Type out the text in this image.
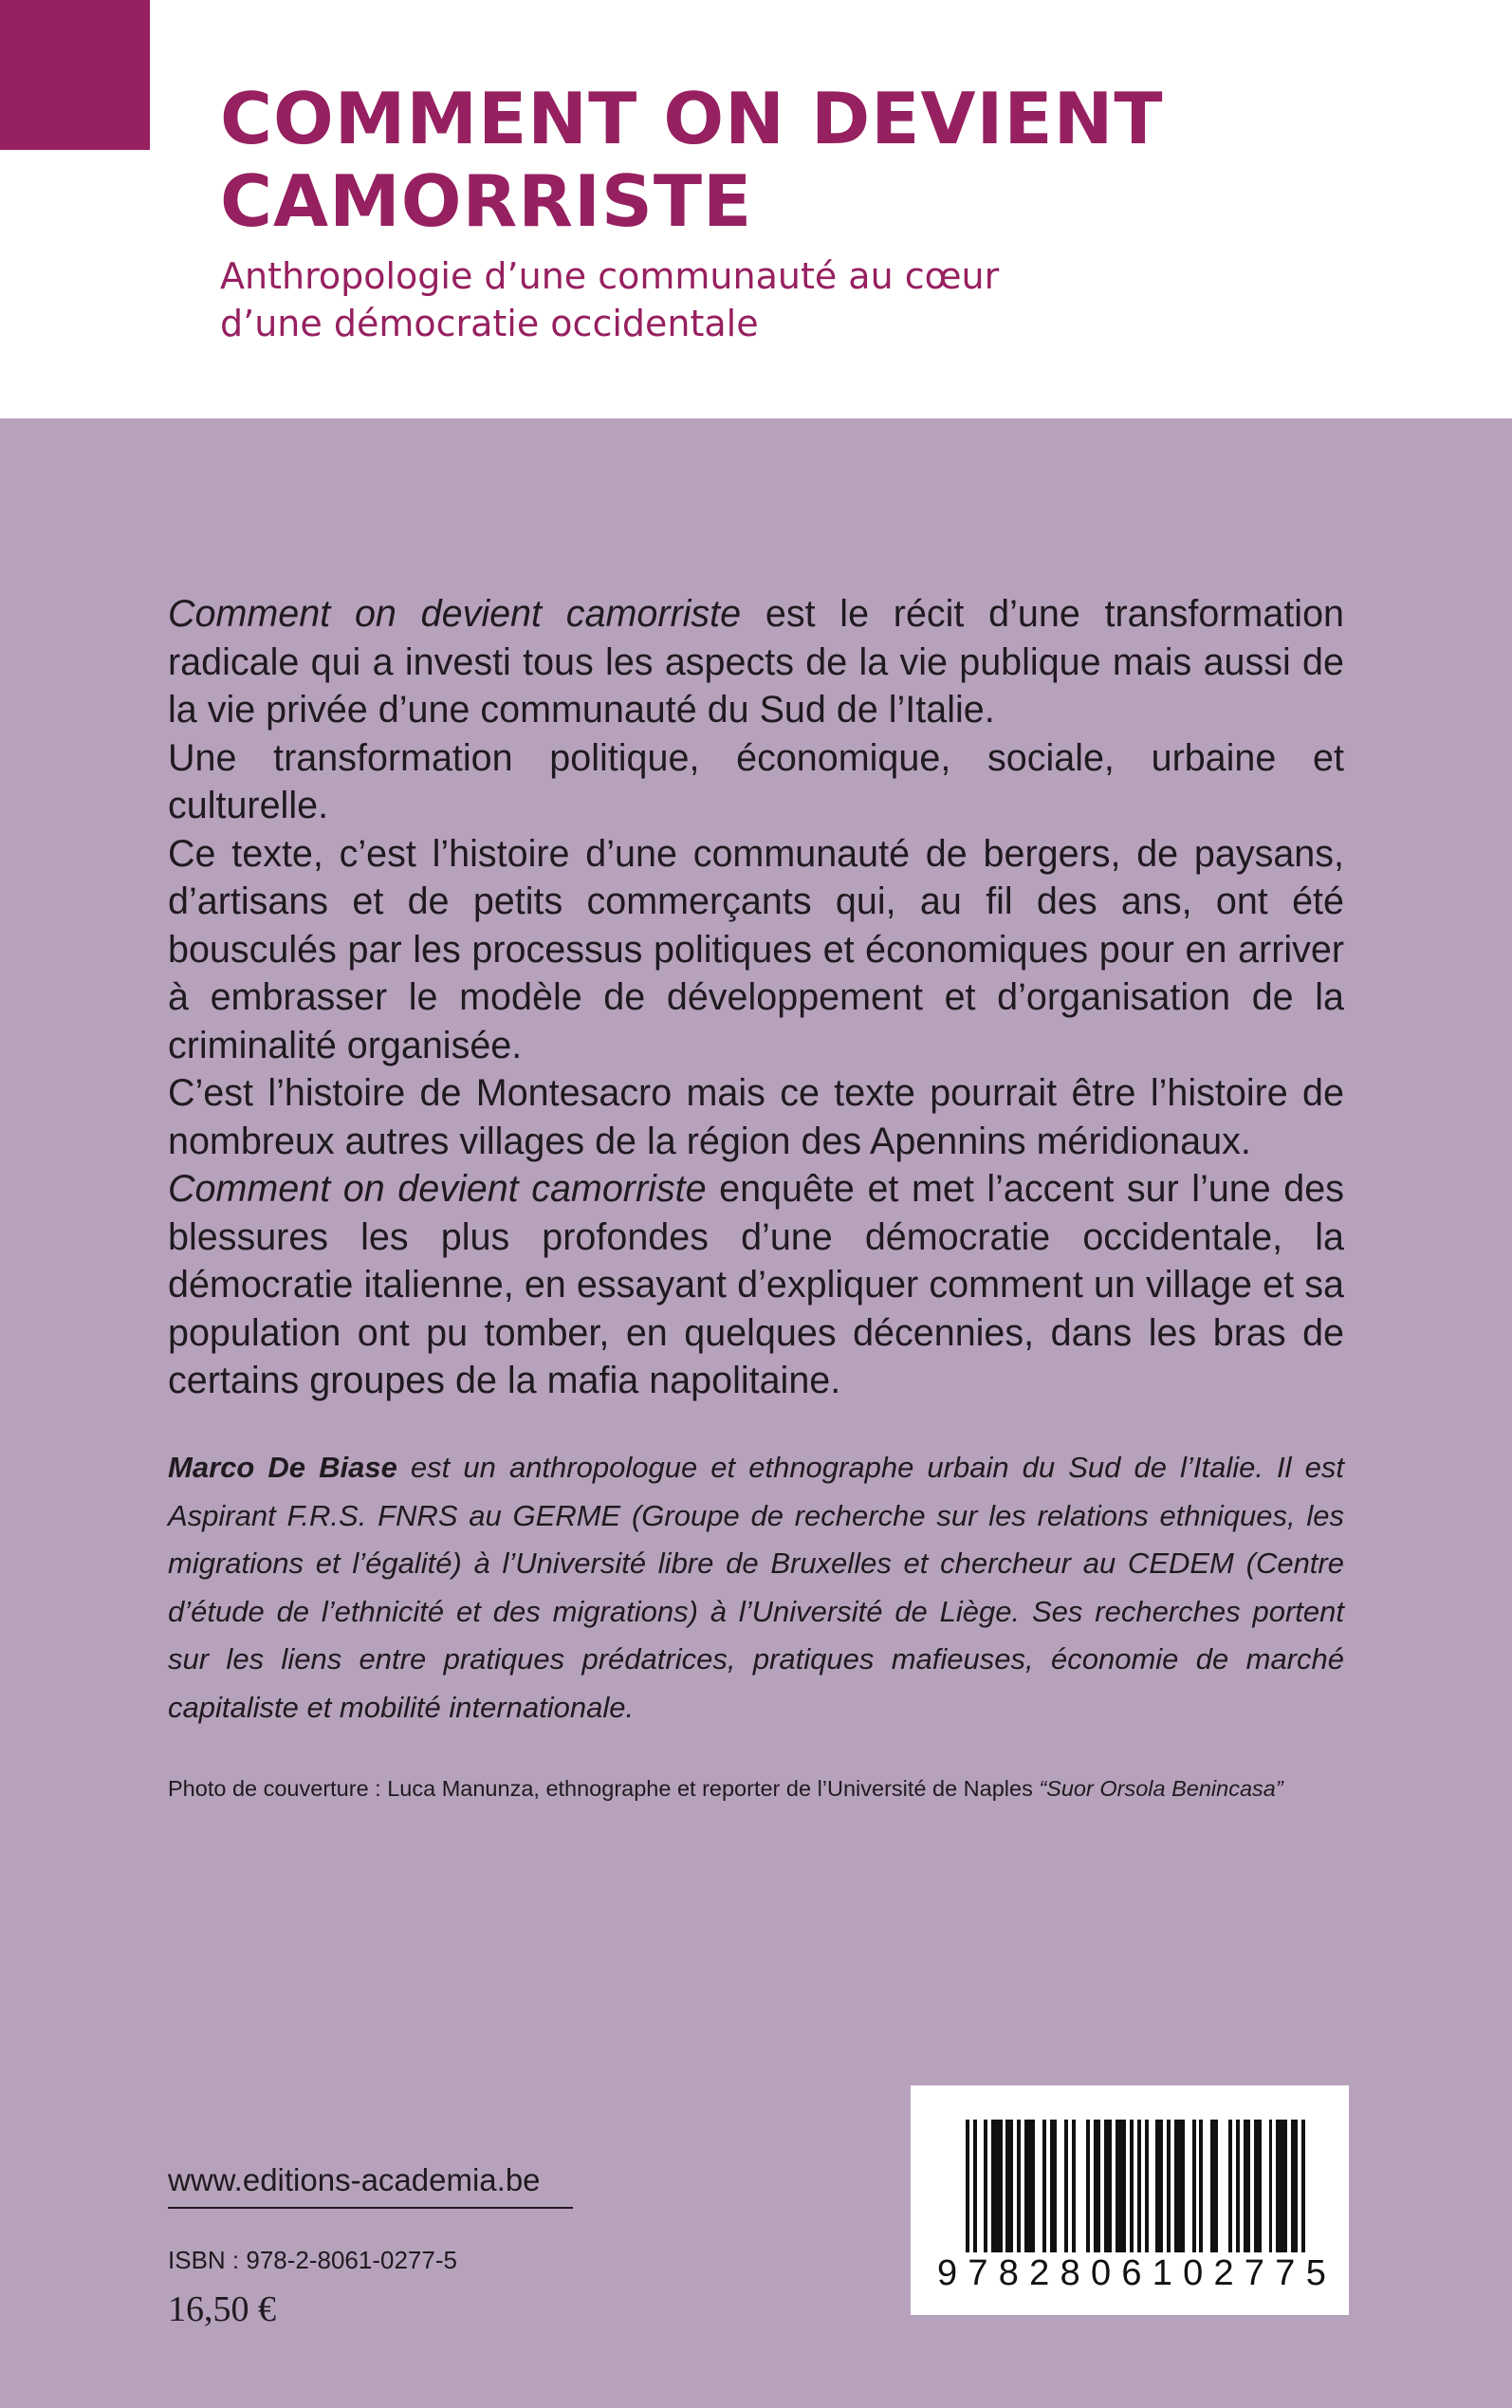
COMMENT ON DEVIENT
CAMORRISTE
Anthropologie d’une communauté au cœur
d’une démocratie occidentale

Comment on devient camorriste est le récit d’une transformation radicale qui a investi tous les aspects de la vie publique mais aussi de la vie privée d’une communauté du Sud de l’Italie.

Une transformation politique, économique, sociale, urbaine et culturelle.

Ce texte, c’est l’histoire d’une communauté de bergers, de paysans, d’artisans et de petits commerçants qui, au fil des ans, ont été bousculés par les processus politiques et économiques pour en arriver à embrasser le modèle de développement et d’organisation de la criminalité organisée.

C’est l’histoire de Montesacro mais ce texte pourrait être l’histoire de nombreux autres villages de la région des Apennins méridionaux.

Comment on devient camorriste enquête et met l’accent sur l’une des blessures les plus profondes d’une démocratie occidentale, la démocratie italienne, en essayant d’expliquer comment un village et sa population ont pu tomber, en quelques décennies, dans les bras de certains groupes de la mafia napolitaine.

Marco De Biase est un anthropologue et ethnographe urbain du Sud de l’Italie. Il est Aspirant F.R.S. FNRS au GERME (Groupe de recherche sur les relations ethniques, les migrations et l’égalité) à l’Université libre de Bruxelles et chercheur au CEDEM (Centre d’étude de l’ethnicité et des migrations) à l’Université de Liège. Ses recherches portent sur les liens entre pratiques prédatrices, pratiques mafieuses, économie de marché capitaliste et mobilité internationale.

Photo de couverture : Luca Manunza, ethnographe et reporter de l’Université de Naples “Suor Orsola Benincasa”
www.editions-academia.be
ISBN : 978-2-8061-0277-5
16,50 €
9 7 8 2 8 0 6 1 0 2 7 7 5
